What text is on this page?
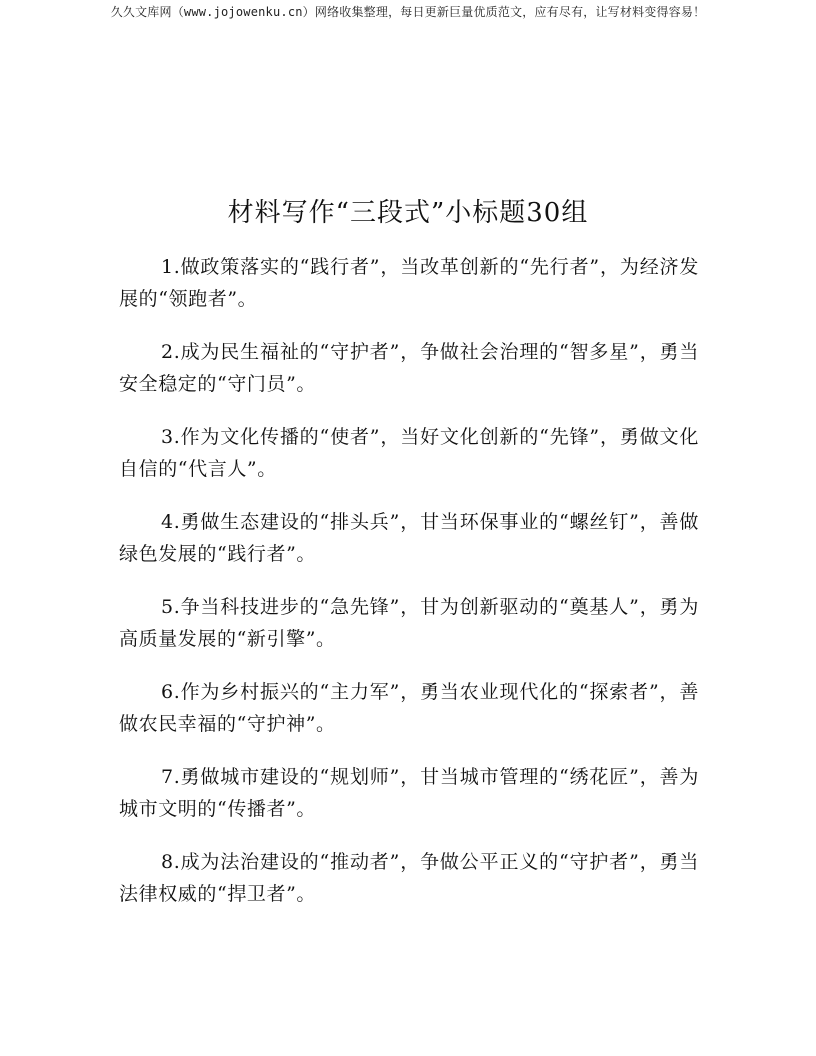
久久文库网（www.jojowenku.cn）网络收集整理，每日更新巨量优质范文，应有尽有，让写材料变得容易！
材料写作“三段式”小标题30组

1.做政策落实的“践行者”，当改革创新的“先行者”，为经济发展的“领跑者”。

2.成为民生福祉的“守护者”，争做社会治理的“智多星”，勇当安全稳定的“守门员”。

3.作为文化传播的“使者”，当好文化创新的“先锋”，勇做文化自信的“代言人”。

4.勇做生态建设的“排头兵”，甘当环保事业的“螺丝钉”，善做绿色发展的“践行者”。

5.争当科技进步的“急先锋”，甘为创新驱动的“奠基人”，勇为高质量发展的“新引擎”。

6.作为乡村振兴的“主力军”，勇当农业现代化的“探索者”，善做农民幸福的“守护神”。

7.勇做城市建设的“规划师”，甘当城市管理的“绣花匠”，善为城市文明的“传播者”。

8.成为法治建设的“推动者”，争做公平正义的“守护者”，勇当法律权威的“捍卫者”。
